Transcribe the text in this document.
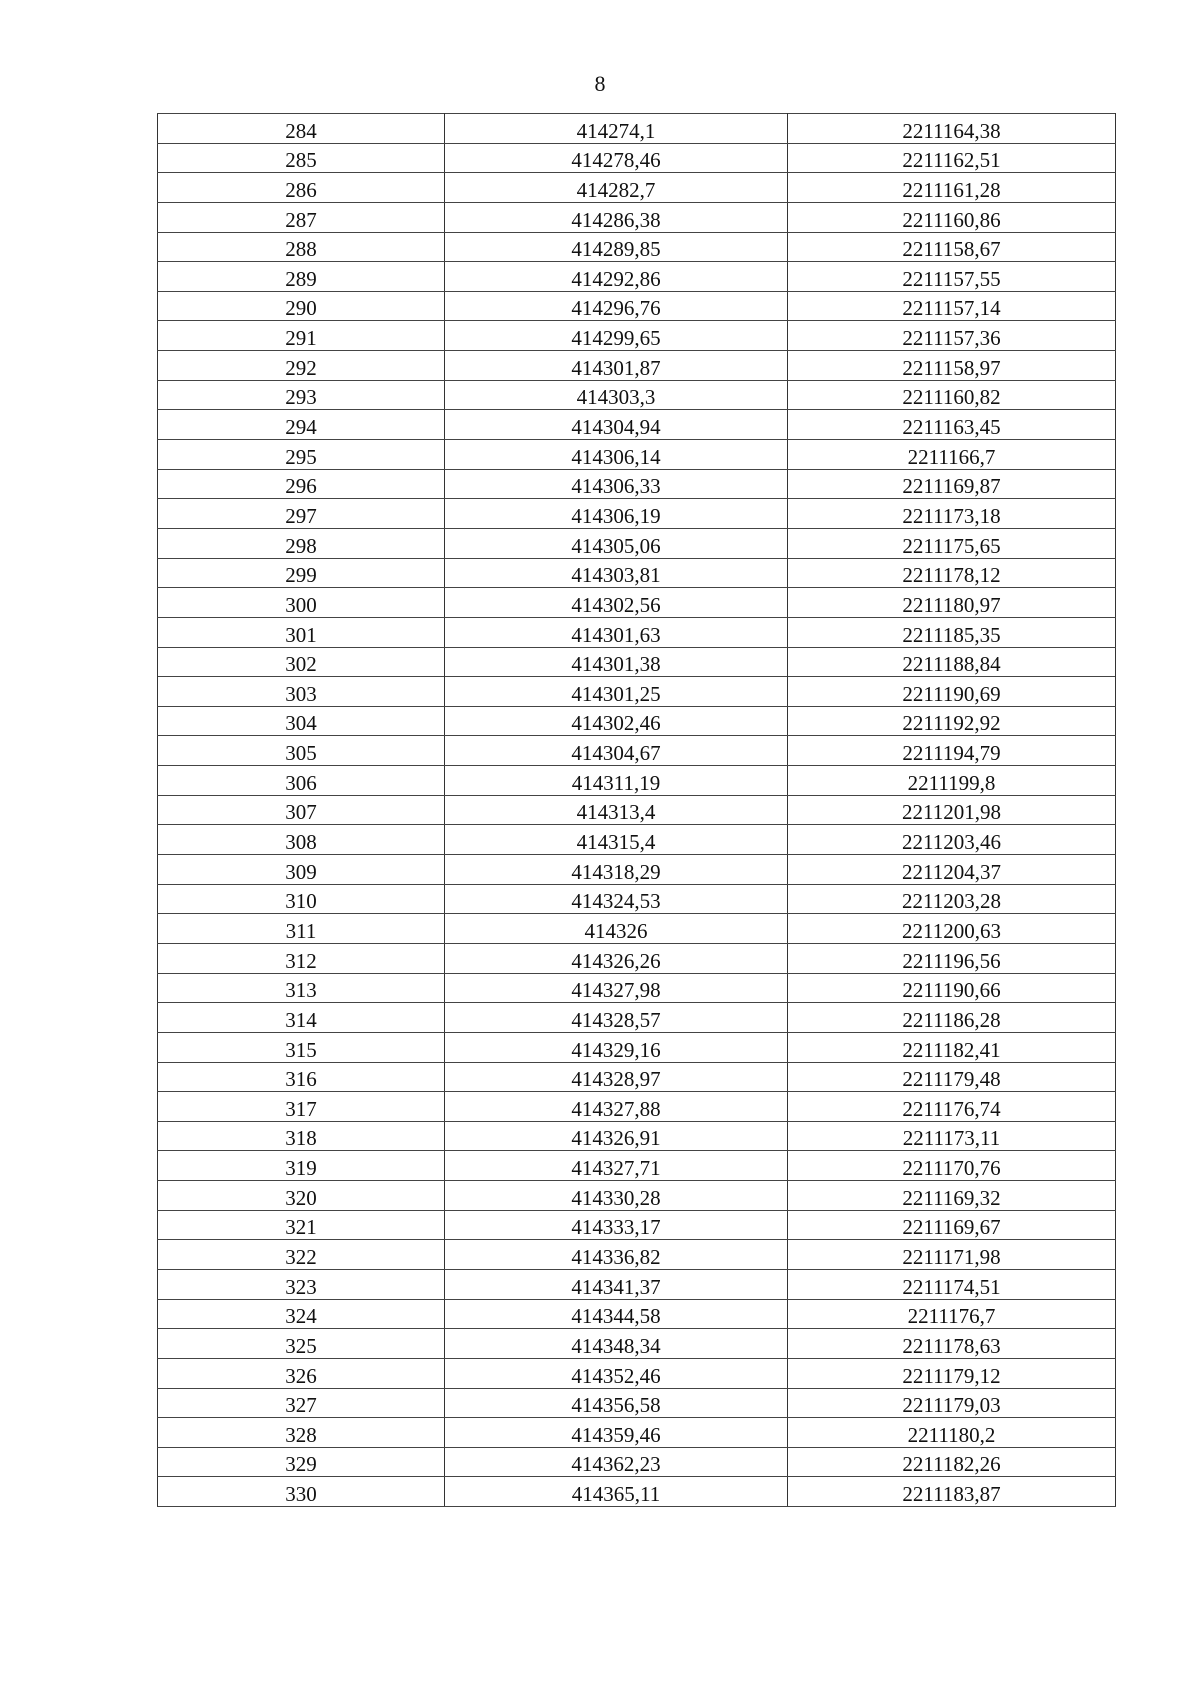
8
284	414274,1	2211164,38
285	414278,46	2211162,51
286	414282,7	2211161,28
287	414286,38	2211160,86
288	414289,85	2211158,67
289	414292,86	2211157,55
290	414296,76	2211157,14
291	414299,65	2211157,36
292	414301,87	2211158,97
293	414303,3	2211160,82
294	414304,94	2211163,45
295	414306,14	2211166,7
296	414306,33	2211169,87
297	414306,19	2211173,18
298	414305,06	2211175,65
299	414303,81	2211178,12
300	414302,56	2211180,97
301	414301,63	2211185,35
302	414301,38	2211188,84
303	414301,25	2211190,69
304	414302,46	2211192,92
305	414304,67	2211194,79
306	414311,19	2211199,8
307	414313,4	2211201,98
308	414315,4	2211203,46
309	414318,29	2211204,37
310	414324,53	2211203,28
311	414326	2211200,63
312	414326,26	2211196,56
313	414327,98	2211190,66
314	414328,57	2211186,28
315	414329,16	2211182,41
316	414328,97	2211179,48
317	414327,88	2211176,74
318	414326,91	2211173,11
319	414327,71	2211170,76
320	414330,28	2211169,32
321	414333,17	2211169,67
322	414336,82	2211171,98
323	414341,37	2211174,51
324	414344,58	2211176,7
325	414348,34	2211178,63
326	414352,46	2211179,12
327	414356,58	2211179,03
328	414359,46	2211180,2
329	414362,23	2211182,26
330	414365,11	2211183,87
